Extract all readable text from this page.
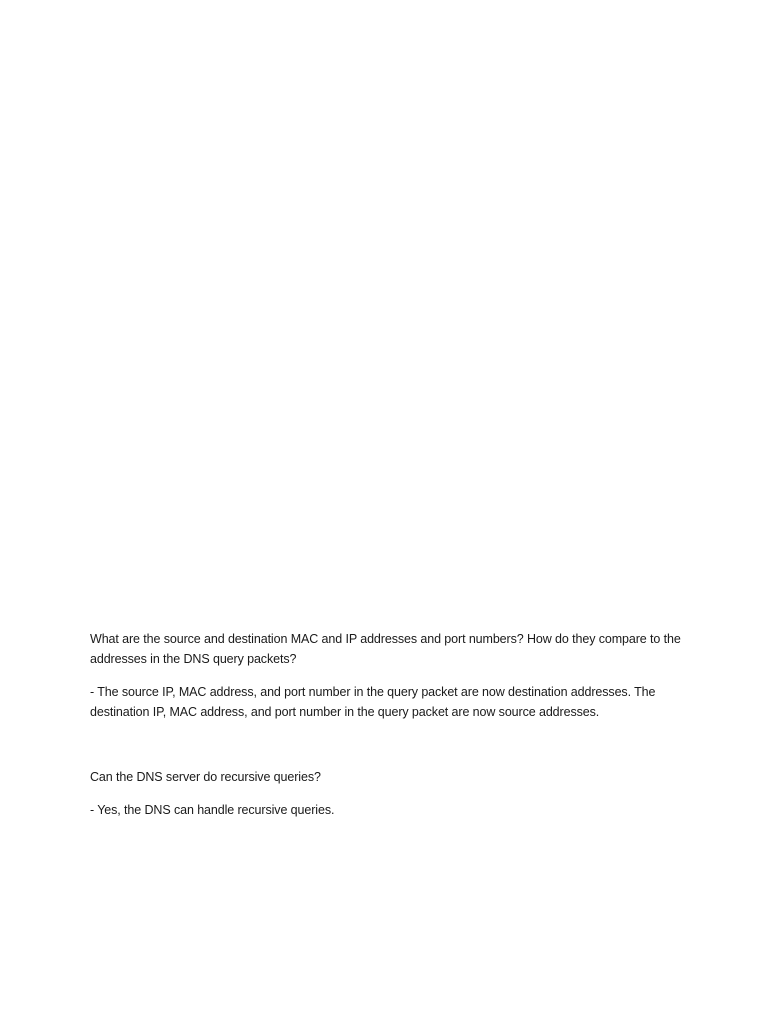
What are the source and destination MAC and IP addresses and port numbers? How do they compare to the addresses in the DNS query packets?

- The source IP, MAC address, and port number in the query packet are now destination addresses. The destination IP, MAC address, and port number in the query packet are now source addresses.

Can the DNS server do recursive queries?

- Yes, the DNS can handle recursive queries.
